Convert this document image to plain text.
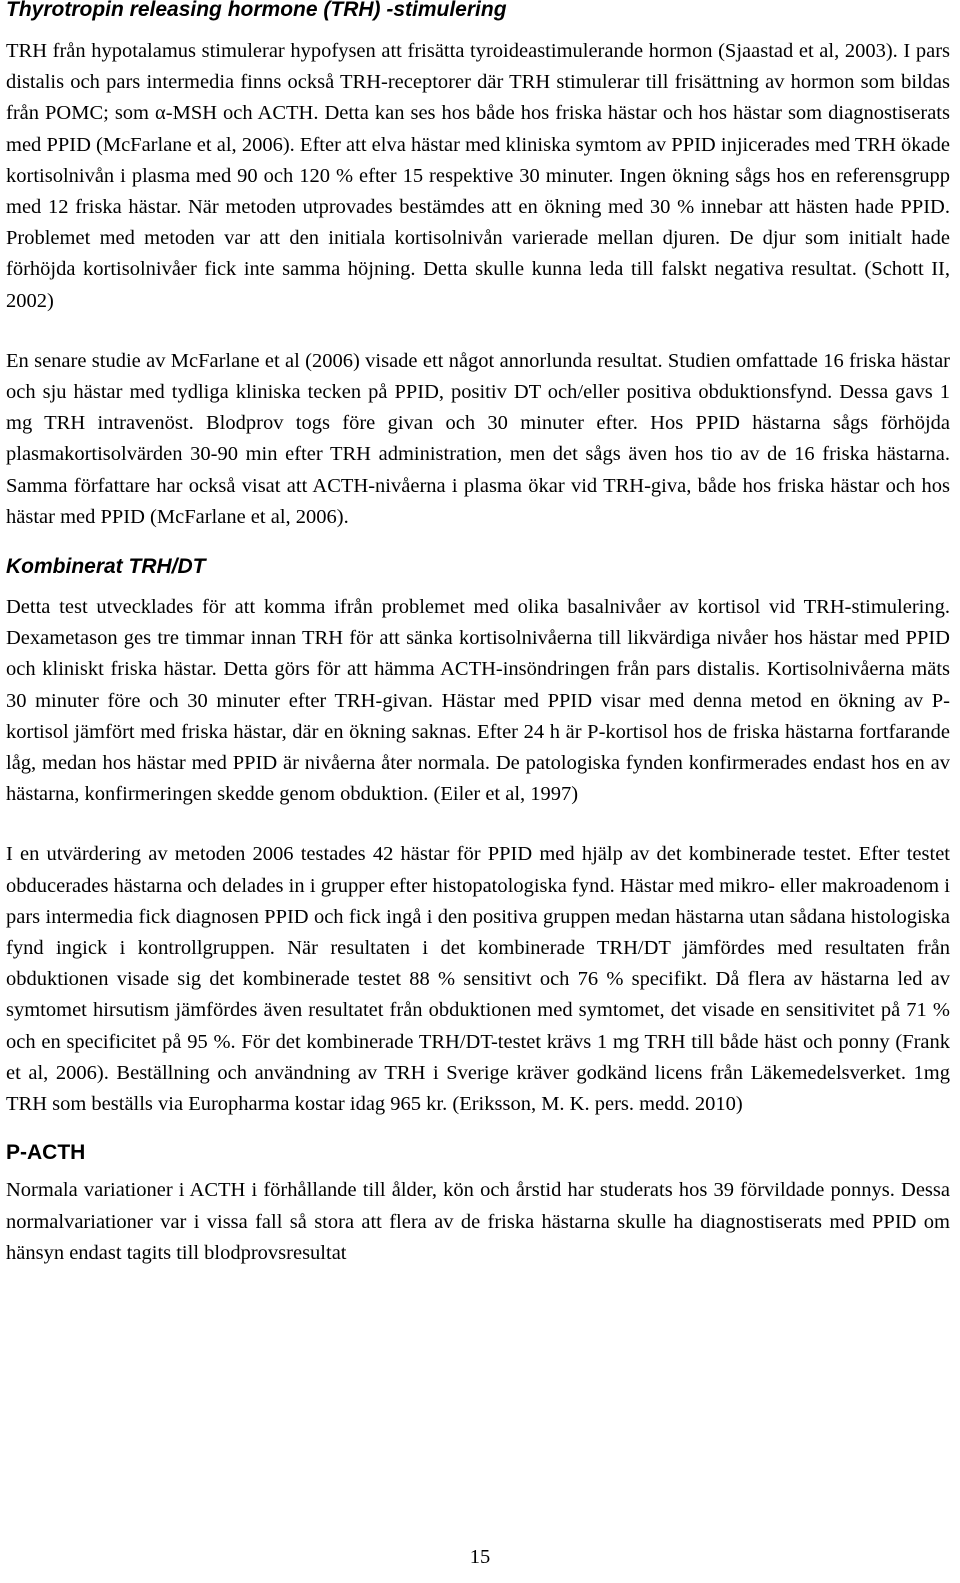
Thyrotropin releasing hormone (TRH) -stimulering

TRH från hypotalamus stimulerar hypofysen att frisätta tyroideastimulerande hormon (Sjaastad et al, 2003). I pars distalis och pars intermedia finns också TRH-receptorer där TRH stimulerar till frisättning av hormon som bildas från POMC; som α-MSH och ACTH. Detta kan ses hos både hos friska hästar och hos hästar som diagnostiserats med PPID (McFarlane et al, 2006). Efter att elva hästar med kliniska symtom av PPID injicerades med TRH ökade kortisolnivån i plasma med 90 och 120 % efter 15 respektive 30 minuter. Ingen ökning sågs hos en referensgrupp med 12 friska hästar. När metoden utprovades bestämdes att en ökning med 30 % innebar att hästen hade PPID. Problemet med metoden var att den initiala kortisolnivån varierade mellan djuren. De djur som initialt hade förhöjda kortisolnivåer fick inte samma höjning. Detta skulle kunna leda till falskt negativa resultat. (Schott II, 2002)

En senare studie av McFarlane et al (2006) visade ett något annorlunda resultat. Studien omfattade 16 friska hästar och sju hästar med tydliga kliniska tecken på PPID, positiv DT och/eller positiva obduktionsfynd. Dessa gavs 1 mg TRH intravenöst. Blodprov togs före givan och 30 minuter efter. Hos PPID hästarna sågs förhöjda plasmakortisolvärden 30-90 min efter TRH administration, men det sågs även hos tio av de 16 friska hästarna. Samma författare har också visat att ACTH-nivåerna i plasma ökar vid TRH-giva, både hos friska hästar och hos hästar med PPID (McFarlane et al, 2006).

Kombinerat TRH/DT

Detta test utvecklades för att komma ifrån problemet med olika basalnivåer av kortisol vid TRH-stimulering. Dexametason ges tre timmar innan TRH för att sänka kortisolnivåerna till likvärdiga nivåer hos hästar med PPID och kliniskt friska hästar. Detta görs för att hämma ACTH-insöndringen från pars distalis. Kortisolnivåerna mäts 30 minuter före och 30 minuter efter TRH-givan. Hästar med PPID visar med denna metod en ökning av P-kortisol jämfört med friska hästar, där en ökning saknas. Efter 24 h är P-kortisol hos de friska hästarna fortfarande låg, medan hos hästar med PPID är nivåerna åter normala. De patologiska fynden konfirmerades endast hos en av hästarna, konfirmeringen skedde genom obduktion. (Eiler et al, 1997)

I en utvärdering av metoden 2006 testades 42 hästar för PPID med hjälp av det kombinerade testet. Efter testet obducerades hästarna och delades in i grupper efter histopatologiska fynd. Hästar med mikro- eller makroadenom i pars intermedia fick diagnosen PPID och fick ingå i den positiva gruppen medan hästarna utan sådana histologiska fynd ingick i kontrollgruppen. När resultaten i det kombinerade TRH/DT jämfördes med resultaten från obduktionen visade sig det kombinerade testet 88 % sensitivt och 76 % specifikt. Då flera av hästarna led av symtomet hirsutism jämfördes även resultatet från obduktionen med symtomet, det visade en sensitivitet på 71 % och en specificitet på 95 %. För det kombinerade TRH/DT-testet krävs 1 mg TRH till både häst och ponny (Frank et al, 2006). Beställning och användning av TRH i Sverige kräver godkänd licens från Läkemedelsverket. 1mg TRH som beställs via Europharma kostar idag 965 kr. (Eriksson, M. K. pers. medd. 2010)

P-ACTH

Normala variationer i ACTH i förhållande till ålder, kön och årstid har studerats hos 39 förvildade ponnys. Dessa normalvariationer var i vissa fall så stora att flera av de friska hästarna skulle ha diagnostiserats med PPID om hänsyn endast tagits till blodprovsresultat

15
